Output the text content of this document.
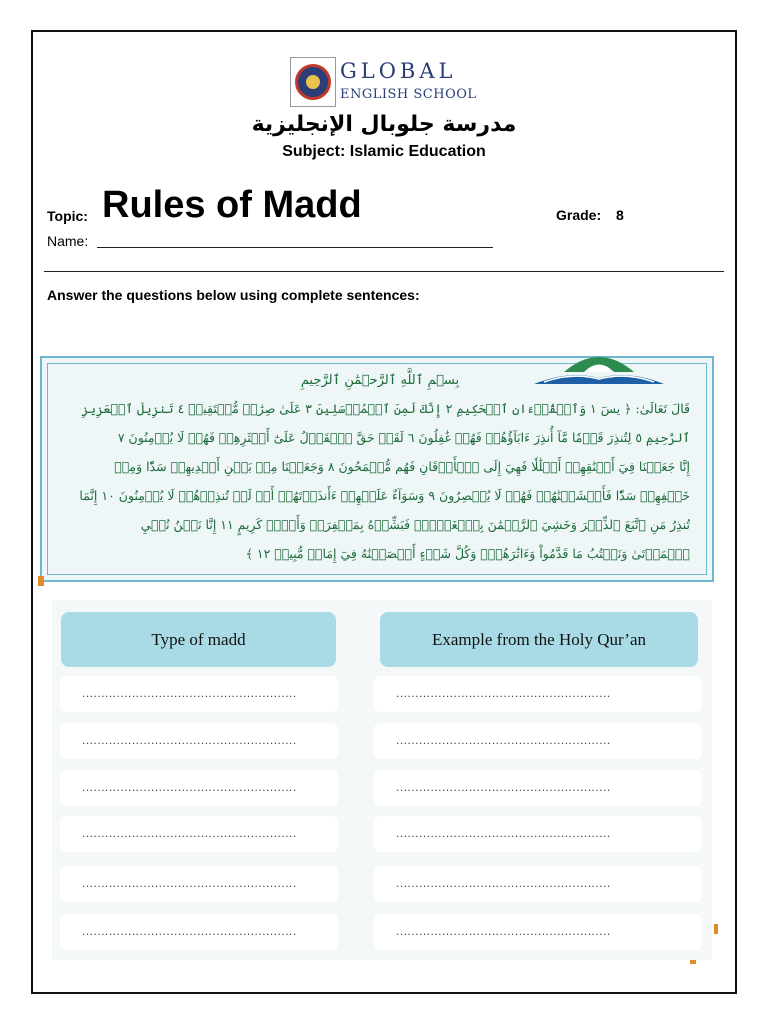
GLOBAL
ENGLISH SCHOOL
مدرسة جلوبال الإنجليزية
Subject: Islamic Education
Topic: Rules of Madd	Grade: 8
Name:
Answer the questions below using complete sentences:
بِسۡمِ ٱللَّهِ ٱلرَّحۡمَٰنِ ٱلرَّحِيمِ
قَالَ تَعَالَىٰ: ﴿ يسٓ ١ وَٱلۡقُرۡءَانِ ٱلۡحَكِيمِ ٢ إِنَّكَ لَمِنَ ٱلۡمُرۡسَلِينَ ٣ عَلَىٰ صِرَٰطٖ مُّسۡتَقِيمٖ ٤ تَنزِيلَ ٱلۡعَزِيزِ
ٱلرَّحِيمِ ٥ لِتُنذِرَ قَوۡمٗا مَّآ أُنذِرَ ءَابَآؤُهُمۡ فَهُمۡ غَٰفِلُونَ ٦ لَقَدۡ حَقَّ ٱلۡقَوۡلُ عَلَىٰٓ أَكۡثَرِهِمۡ فَهُمۡ لَا يُؤۡمِنُونَ ٧
إِنَّا جَعَلۡنَا فِيٓ أَعۡنَٰقِهِمۡ أَغۡلَٰلٗا فَهِيَ إِلَى ٱلۡأَذۡقَانِ فَهُم مُّقۡمَحُونَ ٨ وَجَعَلۡنَا مِنۢ بَيۡنِ أَيۡدِيهِمۡ سَدّٗا وَمِنۡ
خَلۡفِهِمۡ سَدّٗا فَأَغۡشَيۡنَٰهُمۡ فَهُمۡ لَا يُبۡصِرُونَ ٩ وَسَوَآءٌ عَلَيۡهِمۡ ءَأَنذَرۡتَهُمۡ أَمۡ لَمۡ تُنذِرۡهُمۡ لَا يُؤۡمِنُونَ ١٠ إِنَّمَا
تُنذِرُ مَنِ ٱتَّبَعَ ٱلذِّكۡرَ وَخَشِيَ ٱلرَّحۡمَٰنَ بِٱلۡغَيۡبِۖ فَبَشِّرۡهُ بِمَغۡفِرَةٖ وَأَجۡرٖ كَرِيمٍ ١١ إِنَّا نَحۡنُ نُحۡيِ
ٱلۡمَوۡتَىٰ وَنَكۡتُبُ مَا قَدَّمُواْ وَءَاثَٰرَهُمۡۚ وَكُلَّ شَيۡءٍ أَحۡصَيۡنَٰهُ فِيٓ إِمَامٖ مُّبِينٖ ١٢ ﴾
Type of madd	Example from the Holy Qur’an
........................................................	........................................................
........................................................	........................................................
........................................................	........................................................
........................................................	........................................................
........................................................	........................................................
........................................................	........................................................
